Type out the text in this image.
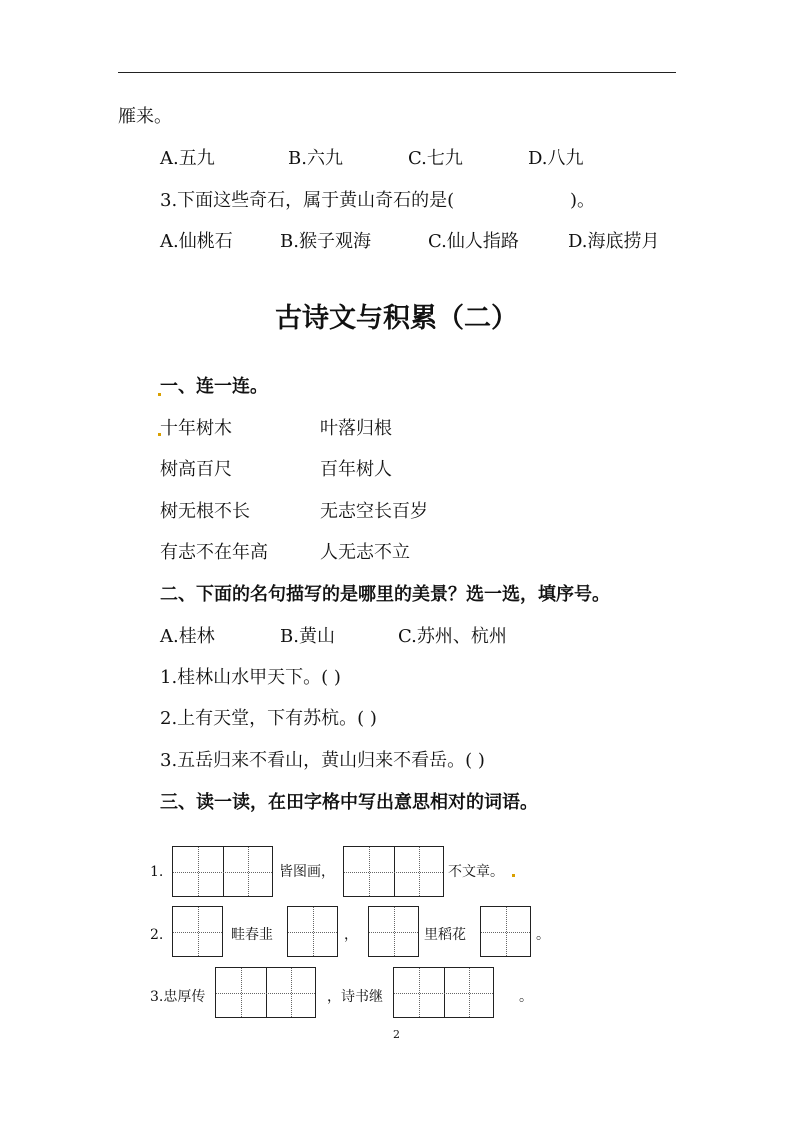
雁来。
A.五九	B.六九	C.七九	D.八九
3.下面这些奇石，属于黄山奇石的是(	)。
A.仙桃石	B.猴子观海	C.仙人指路	D.海底捞月
古诗文与积累（二）
一、连一连。
十年树木	叶落归根
树高百尺	百年树人
树无根不长	无志空长百岁
有志不在年高	人无志不立
二、下面的名句描写的是哪里的美景？选一选，填序号。
A.桂林	B.黄山	C.苏州、杭州
1.桂林山水甲天下。( )
2.上有天堂，下有苏杭。( )
3.五岳归来不看山，黄山归来不看岳。( )
三、读一读，在田字格中写出意思相对的词语。
1.	皆图画，	不文章。
2.	畦春韭	，	里稻花	。
3.忠厚传	，诗书继	。
2
